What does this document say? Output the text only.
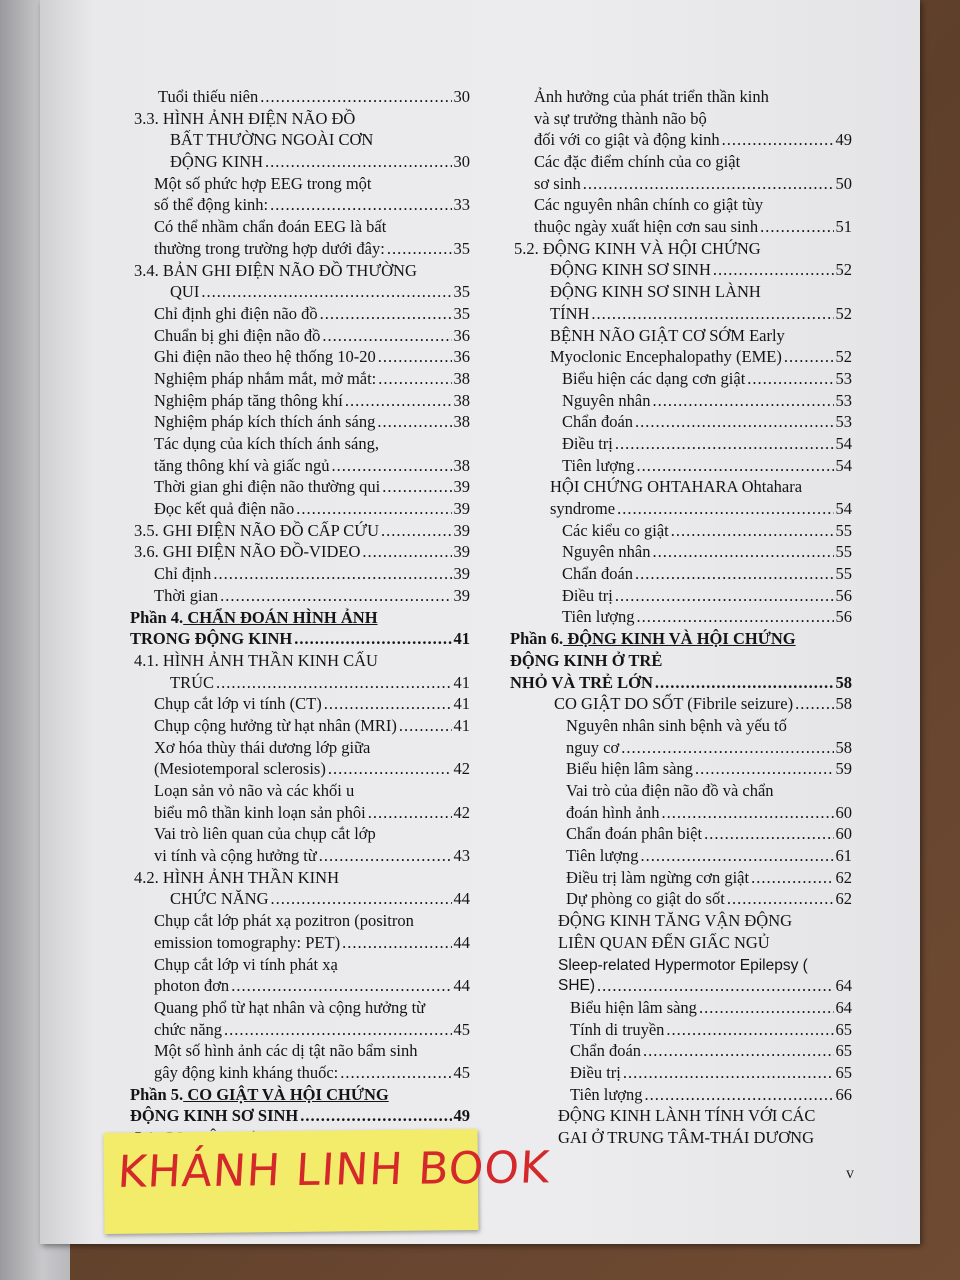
Tuổi thiếu niên .....	30
3.3. HÌNH ẢNH ĐIỆN NÃO ĐỒ
BẤT THƯỜNG NGOÀI CƠN
ĐỘNG KINH .....	30
Một số phức hợp EEG trong một
số thể động kinh: .....	33
Có thể nhầm chẩn đoán EEG là bất
thường trong trường hợp dưới đây: .....	35
3.4. BẢN GHI ĐIỆN NÃO ĐỒ THƯỜNG
QUI .....	35
Chỉ định ghi điện não đồ .....	35
Chuẩn bị ghi điện não đồ .....	36
Ghi điện não theo hệ thống 10-20 .....	36
Nghiệm pháp nhắm mắt, mở mắt: .....	38
Nghiệm pháp tăng thông khí .....	38
Nghiệm pháp kích thích ánh sáng .....	38
Tác dụng của kích thích ánh sáng,
tăng thông khí và giấc ngủ .....	38
Thời gian ghi điện não thường qui .....	39
Đọc kết quả điện não .....	39
3.5. GHI ĐIỆN NÃO ĐỒ CẤP CỨU .....	39
3.6. GHI ĐIỆN NÃO ĐỒ-VIDEO .....	39
Chỉ định .....	39
Thời gian .....	39
Phần 4. CHẨN ĐOÁN HÌNH ẢNH
TRONG ĐỘNG KINH .....	41
4.1. HÌNH ẢNH THẦN KINH CẤU
TRÚC .....	41
Chụp cắt lớp vi tính (CT) .....	41
Chụp cộng hưởng từ hạt nhân (MRI) .....	41
Xơ hóa thùy thái dương lớp giữa
(Mesiotemporal sclerosis) .....	42
Loạn sản vỏ não và các khối u
biểu mô thần kinh loạn sản phôi .....	42
Vai trò liên quan của chụp cắt lớp
vi tính và cộng hưởng từ .....	43
4.2. HÌNH ẢNH THẦN KINH
CHỨC NĂNG .....	44
Chụp cắt lớp phát xạ pozitron (positron
emission tomography: PET) .....	44
Chụp cắt lớp vi tính phát xạ
photon đơn .....	44
Quang phổ từ hạt nhân và cộng hưởng từ
chức năng .....	45
Một số hình ảnh các dị tật não bẩm sinh
gây động kinh kháng thuốc: .....	45
Phần 5. CO GIẬT VÀ HỘI CHỨNG
ĐỘNG KINH SƠ SINH .....	49
.....
Ảnh hưởng của phát triển thần kinh
và sự trưởng thành não bộ
đối với co giật và động kinh .....	49
Các đặc điểm chính của co giật
sơ sinh .....	50
Các nguyên nhân chính co giật tùy
thuộc ngày xuất hiện cơn sau sinh .....	51
5.2. ĐỘNG KINH VÀ HỘI CHỨNG
ĐỘNG KINH SƠ SINH .....	52
ĐỘNG KINH SƠ SINH LÀNH
TÍNH .....	52
BỆNH NÃO GIẬT CƠ SỚM Early
Myoclonic Encephalopathy (EME) .....	52
Biểu hiện các dạng cơn giật .....	53
Nguyên nhân .....	53
Chẩn đoán .....	53
Điều trị .....	54
Tiên lượng .....	54
HỘI CHỨNG OHTAHARA Ohtahara
syndrome .....	54
Các kiểu co giật .....	55
Nguyên nhân .....	55
Chẩn đoán .....	55
Điều trị .....	56
Tiên lượng .....	56
Phần 6. ĐỘNG KINH VÀ HỘI CHỨNG
ĐỘNG KINH Ở TRẺ
NHỎ VÀ TRẺ LỚN .....	58
CO GIẬT DO SỐT (Fibrile seizure) .....	58
Nguyên nhân sinh bệnh và yếu tố
nguy cơ .....	58
Biểu hiện lâm sàng .....	59
Vai trò của điện não đồ và chẩn
đoán hình ảnh .....	60
Chẩn đoán phân biệt .....	60
Tiên lượng .....	61
Điều trị làm ngừng cơn giật .....	62
Dự phòng co giật do sốt .....	62
ĐỘNG KINH TĂNG VẬN ĐỘNG
LIÊN QUAN ĐẾN GIẤC NGỦ
Sleep-related Hypermotor Epilepsy (
SHE) .....	64
Biểu hiện lâm sàng .....	64
Tính di truyền .....	65
Chẩn đoán .....	65
Điều trị .....	65
Tiên lượng .....	66
ĐỘNG KINH LÀNH TÍNH VỚI CÁC
GAI Ở TRUNG TÂM-THÁI DƯƠNG
v
KHÁNH LINH BOOK
